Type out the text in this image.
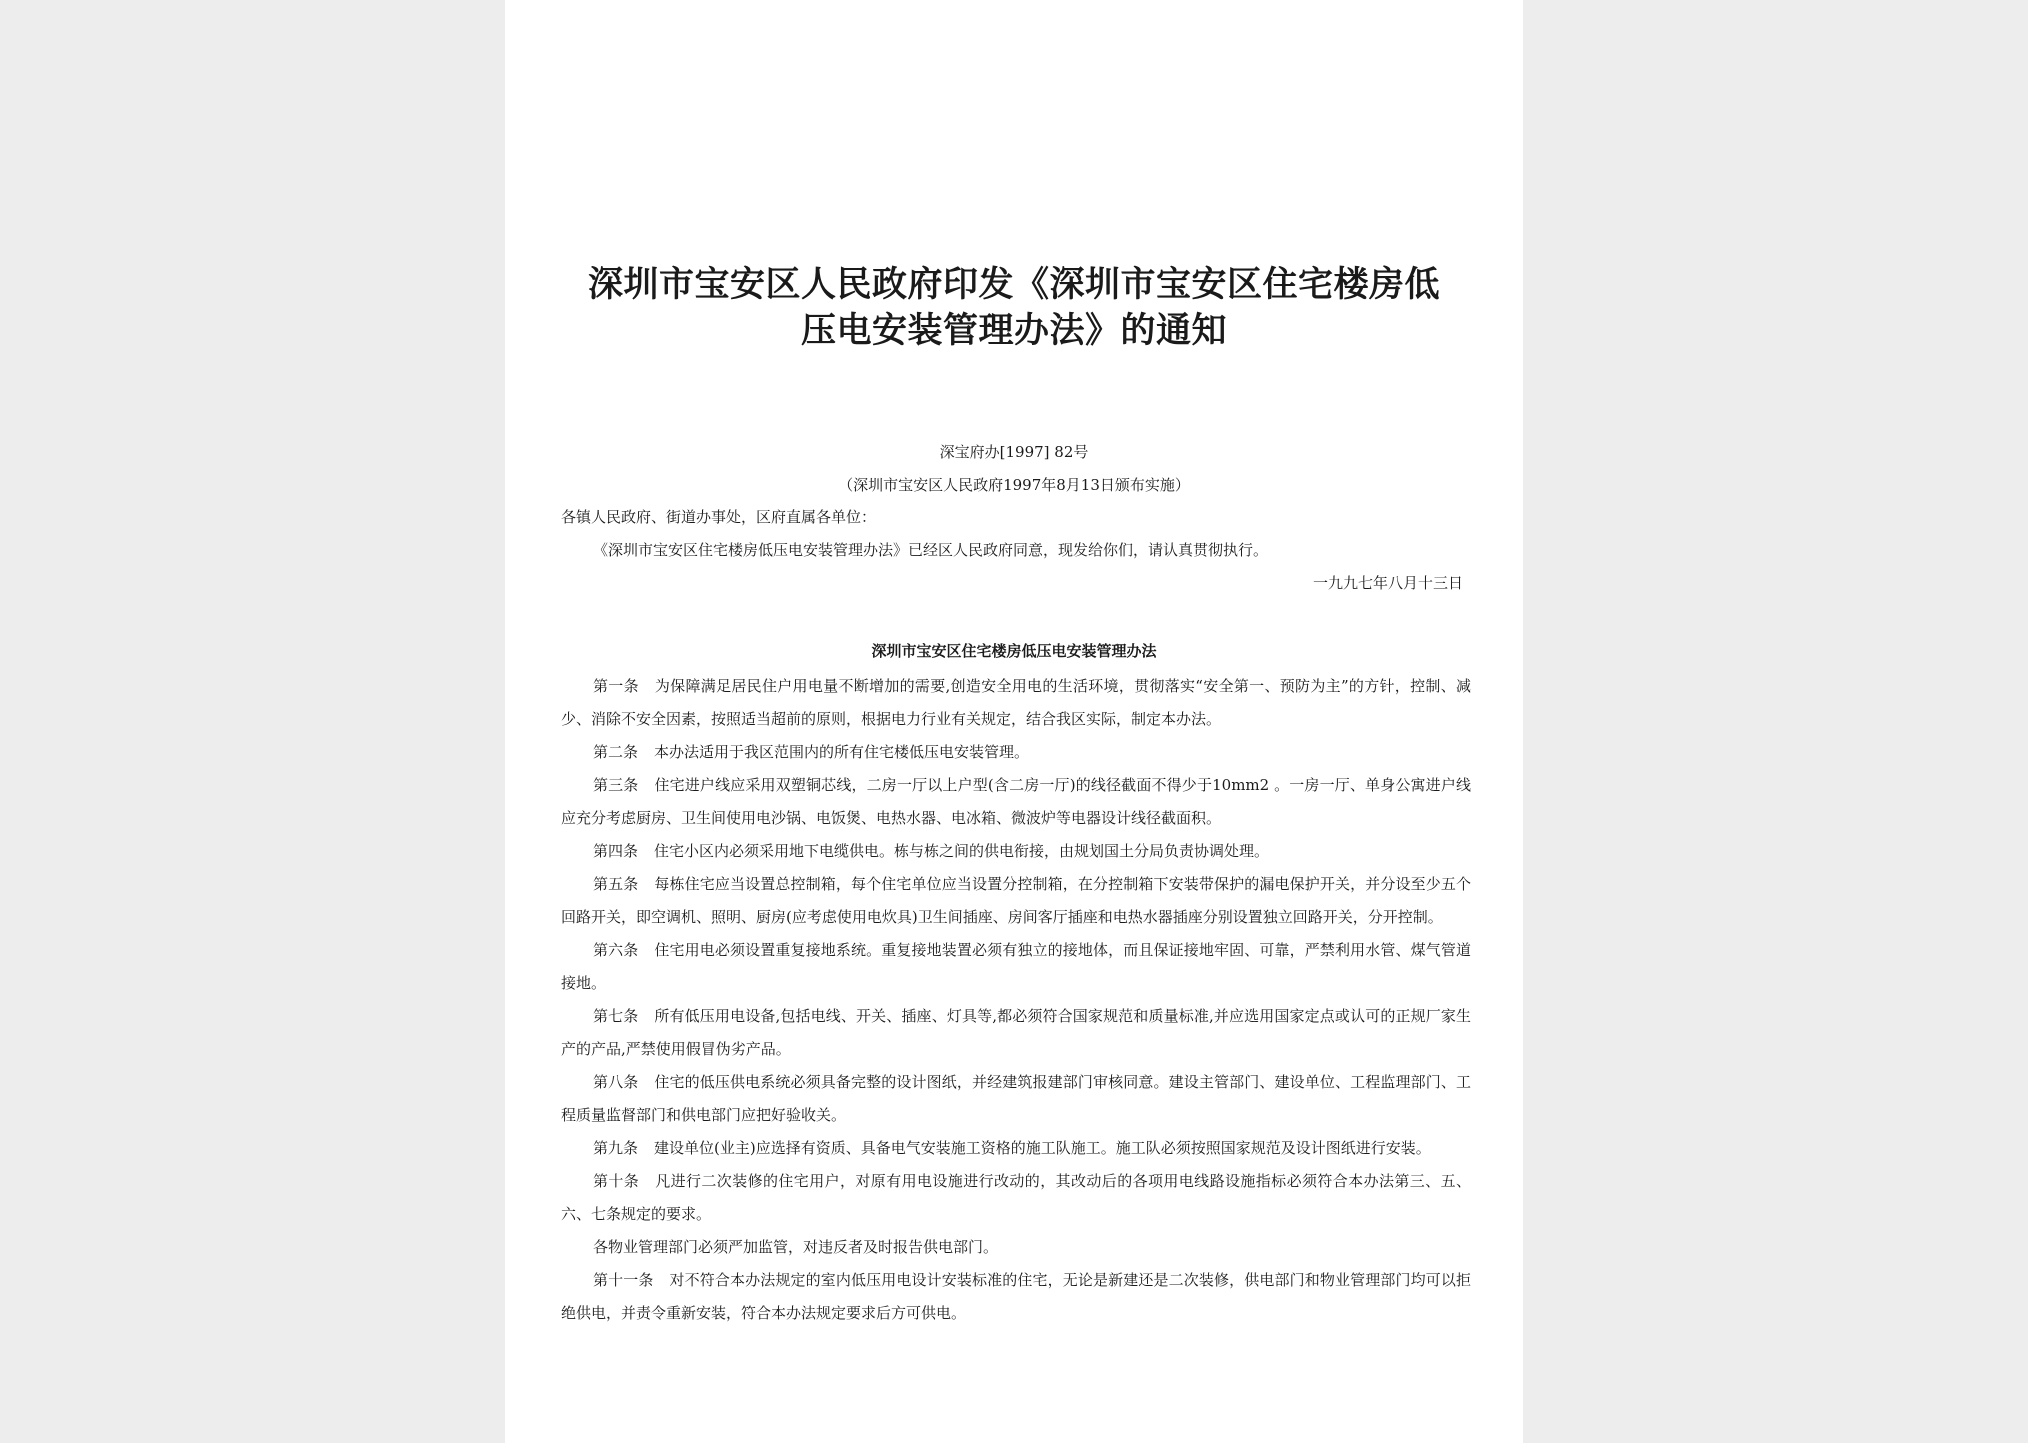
深圳市宝安区人民政府印发《深圳市宝安区住宅楼房低
压电安装管理办法》的通知
深宝府办[1997] 82号
（深圳市宝安区人民政府1997年8月13日颁布实施）
各镇人民政府、街道办事处，区府直属各单位：
《深圳市宝安区住宅楼房低压电安装管理办法》已经区人民政府同意，现发给你们，请认真贯彻执行。
一九九七年八月十三日
深圳市宝安区住宅楼房低压电安装管理办法

第一条 为保障满足居民住户用电量不断增加的需要,创造安全用电的生活环境，贯彻落实“安全第一、预防为主”的方针，控制、减少、消除不安全因素，按照适当超前的原则，根据电力行业有关规定，结合我区实际，制定本办法。

第二条 本办法适用于我区范围内的所有住宅楼低压电安装管理。

第三条 住宅进户线应采用双塑铜芯线，二房一厅以上户型(含二房一厅)的线径截面不得少于10mm2 。一房一厅、单身公寓进户线应充分考虑厨房、卫生间使用电沙锅、电饭煲、电热水器、电冰箱、微波炉等电器设计线径截面积。

第四条 住宅小区内必须采用地下电缆供电。栋与栋之间的供电衔接，由规划国土分局负责协调处理。

第五条 每栋住宅应当设置总控制箱，每个住宅单位应当设置分控制箱，在分控制箱下安装带保护的漏电保护开关，并分设至少五个回路开关，即空调机、照明、厨房(应考虑使用电炊具)卫生间插座、房间客厅插座和电热水器插座分别设置独立回路开关，分开控制。

第六条 住宅用电必须设置重复接地系统。重复接地装置必须有独立的接地体，而且保证接地牢固、可靠，严禁利用水管、煤气管道接地。

第七条 所有低压用电设备,包括电线、开关、插座、灯具等,都必须符合国家规范和质量标准,并应选用国家定点或认可的正规厂家生产的产品,严禁使用假冒伪劣产品。

第八条 住宅的低压供电系统必须具备完整的设计图纸，并经建筑报建部门审核同意。建设主管部门、建设单位、工程监理部门、工程质量监督部门和供电部门应把好验收关。

第九条 建设单位(业主)应选择有资质、具备电气安装施工资格的施工队施工。施工队必须按照国家规范及设计图纸进行安装。

第十条 凡进行二次装修的住宅用户，对原有用电设施进行改动的，其改动后的各项用电线路设施指标必须符合本办法第三、五、六、七条规定的要求。

各物业管理部门必须严加监管，对违反者及时报告供电部门。

第十一条 对不符合本办法规定的室内低压用电设计安装标准的住宅，无论是新建还是二次装修，供电部门和物业管理部门均可以拒绝供电，并责令重新安装，符合本办法规定要求后方可供电。
